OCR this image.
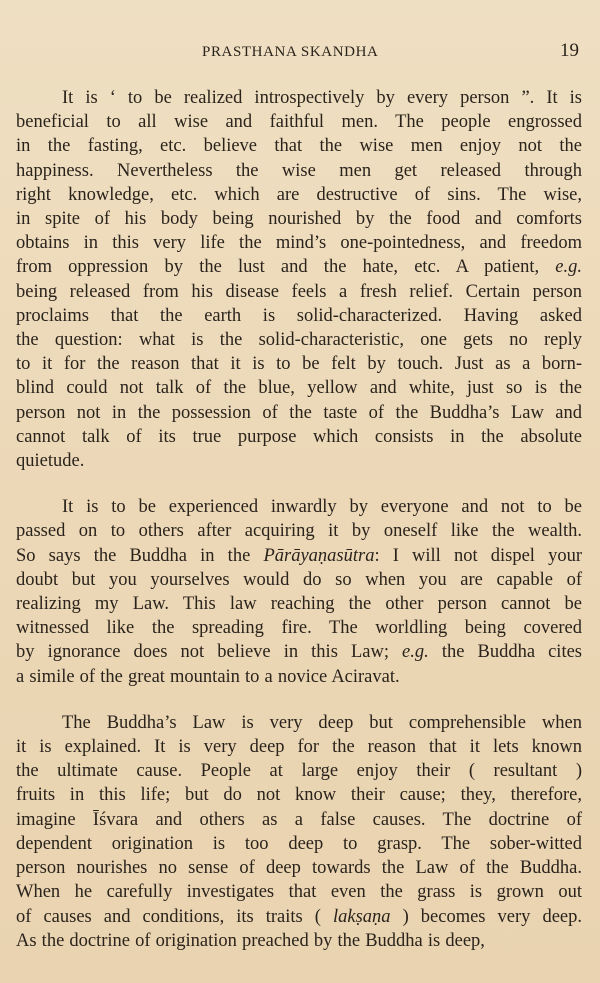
PRASTHANA SKANDHA	19
It is ‘ to be realized introspectively by every person ”. It is
beneficial to all wise and faithful men. The people engrossed
in the fasting, etc. believe that the wise men enjoy not the
happiness. Nevertheless the wise men get released through
right knowledge, etc. which are destructive of sins. The wise,
in spite of his body being nourished by the food and comforts
obtains in this very life the mind’s one-pointedness, and freedom
from oppression by the lust and the hate, etc. A patient, e.g.
being released from his disease feels a fresh relief. Certain person
proclaims that the earth is solid-characterized. Having asked
the question: what is the solid-characteristic, one gets no reply
to it for the reason that it is to be felt by touch. Just as a born-
blind could not talk of the blue, yellow and white, just so is the
person not in the possession of the taste of the Buddha’s Law and
cannot talk of its true purpose which consists in the absolute
quietude.
It is to be experienced inwardly by everyone and not to be
passed on to others after acquiring it by oneself like the wealth.
So says the Buddha in the Pārāyaṇasūtra: I will not dispel your
doubt but you yourselves would do so when you are capable of
realizing my Law. This law reaching the other person cannot be
witnessed like the spreading fire. The worldling being covered
by ignorance does not believe in this Law; e.g. the Buddha cites
a simile of the great mountain to a novice Aciravat.
The Buddha’s Law is very deep but comprehensible when
it is explained. It is very deep for the reason that it lets known
the ultimate cause. People at large enjoy their ( resultant )
fruits in this life; but do not know their cause; they, therefore,
imagine Īśvara and others as a false causes. The doctrine of
dependent origination is too deep to grasp. The sober-witted
person nourishes no sense of deep towards the Law of the Buddha.
When he carefully investigates that even the grass is grown out
of causes and conditions, its traits ( lakṣaṇa ) becomes very deep.
As the doctrine of origination preached by the Buddha is deep,
